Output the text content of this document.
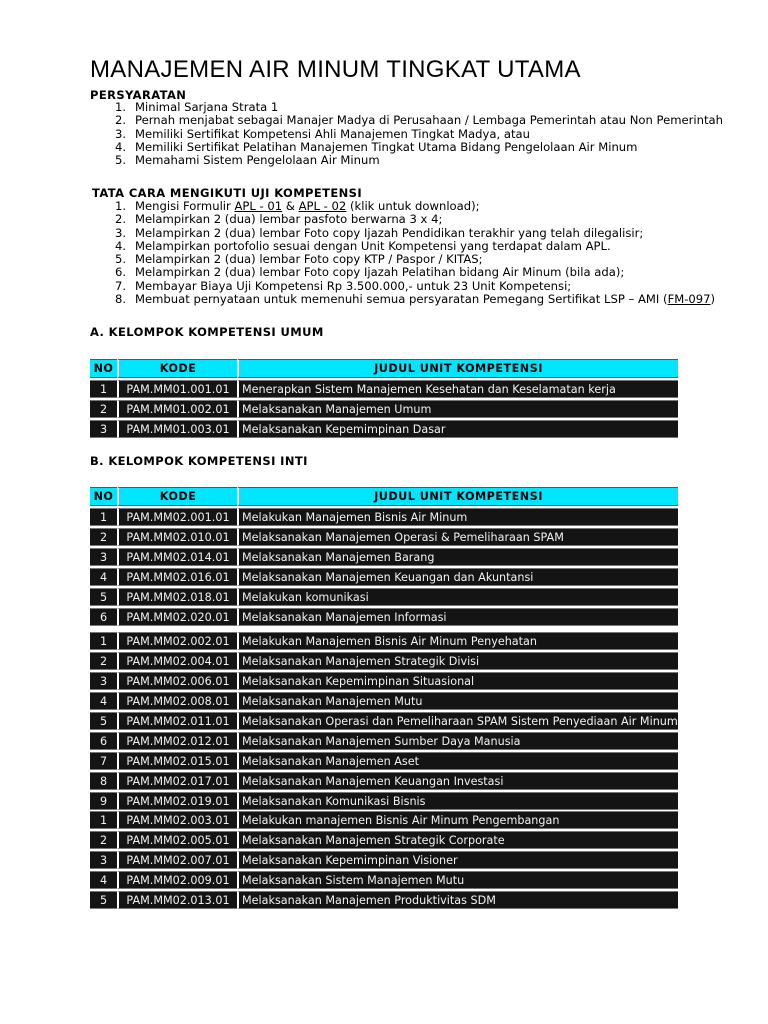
MANAJEMEN AIR MINUM TINGKAT UTAMA
PERSYARATAN
1. Minimal Sarjana Strata 1
2. Pernah menjabat sebagai Manajer Madya di Perusahaan / Lembaga Pemerintah atau Non Pemerintah
3. Memiliki Sertifikat Kompetensi Ahli Manajemen Tingkat Madya, atau
4. Memiliki Sertifikat Pelatihan Manajemen Tingkat Utama Bidang Pengelolaan Air Minum
5. Memahami Sistem Pengelolaan Air Minum
TATA CARA MENGIKUTI UJI KOMPETENSI
1. Mengisi Formulir APL - 01 & APL - 02 (klik untuk download);
2. Melampirkan 2 (dua) lembar pasfoto berwarna 3 x 4;
3. Melampirkan 2 (dua) lembar Foto copy Ijazah Pendidikan terakhir yang telah dilegalisir;
4. Melampirkan portofolio sesuai dengan Unit Kompetensi yang terdapat dalam APL.
5. Melampirkan 2 (dua) lembar Foto copy KTP / Paspor / KITAS;
6. Melampirkan 2 (dua) lembar Foto copy Ijazah Pelatihan bidang Air Minum (bila ada);
7. Membayar Biaya Uji Kompetensi Rp 3.500.000,- untuk 23 Unit Kompetensi;
8. Membuat pernyataan untuk memenuhi semua persyaratan Pemegang Sertifikat LSP – AMI (FM-097)
A. KELOMPOK KOMPETENSI UMUM
NO	KODE	JUDUL UNIT KOMPETENSI
1	PAM.MM01.001.01	Menerapkan Sistem Manajemen Kesehatan dan Keselamatan kerja
2	PAM.MM01.002.01	Melaksanakan Manajemen Umum
3	PAM.MM01.003.01	Melaksanakan Kepemimpinan Dasar
B. KELOMPOK KOMPETENSI INTI
NO	KODE	JUDUL UNIT KOMPETENSI
1	PAM.MM02.001.01	Melakukan Manajemen Bisnis Air Minum
2	PAM.MM02.010.01	Melaksanakan Manajemen Operasi & Pemeliharaan SPAM
3	PAM.MM02.014.01	Melaksanakan Manajemen Barang
4	PAM.MM02.016.01	Melaksanakan Manajemen Keuangan dan Akuntansi
5	PAM.MM02.018.01	Melakukan komunikasi
6	PAM.MM02.020.01	Melaksanakan Manajemen Informasi
1	PAM.MM02.002.01	Melakukan Manajemen Bisnis Air Minum Penyehatan
2	PAM.MM02.004.01	Melaksanakan Manajemen Strategik Divisi
3	PAM.MM02.006.01	Melaksanakan Kepemimpinan Situasional
4	PAM.MM02.008.01	Melaksanakan Manajemen Mutu
5	PAM.MM02.011.01	Melaksanakan Operasi dan Pemeliharaan SPAM Sistem Penyediaan Air Minum
6	PAM.MM02.012.01	Melaksanakan Manajemen Sumber Daya Manusia
7	PAM.MM02.015.01	Melaksanakan Manajemen Aset
8	PAM.MM02.017.01	Melaksanakan Manajemen Keuangan Investasi
9	PAM.MM02.019.01	Melaksanakan Komunikasi Bisnis
1	PAM.MM02.003.01	Melakukan manajemen Bisnis Air Minum Pengembangan
2	PAM.MM02.005.01	Melaksanakan Manajemen Strategik Corporate
3	PAM.MM02.007.01	Melaksanakan Kepemimpinan Visioner
4	PAM.MM02.009.01	Melaksanakan Sistem Manajemen Mutu
5	PAM.MM02.013.01	Melaksanakan Manajemen Produktivitas SDM
